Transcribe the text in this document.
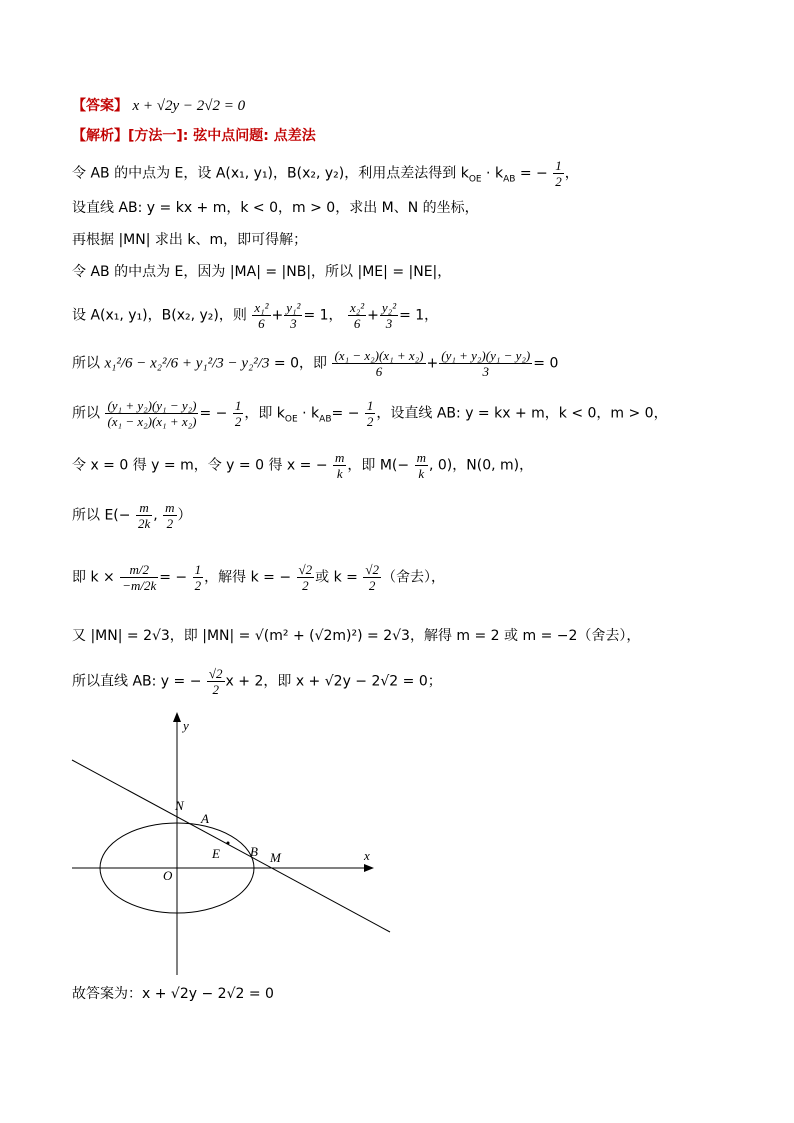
【答案】 x + √2y − 2√2 = 0
【解析】[方法一]: 弦中点问题: 点差法
令 AB 的中点为 E，设 A(x₁, y₁)，B(x₂, y₂)，利用点差法得到 $k_{OE} \cdot k_{AB}$ = − $\frac{1}{2}$ ，
设直线 AB: y = kx + m，k < 0，m > 0，求出 M、N 的坐标，
再根据 |MN| 求出 k、m，即可得解；
令 AB 的中点为 E，因为 |MA| = |NB|，所以 |ME| = |NE|，
设 A(x₁, y₁)，B(x₂, y₂)，则 $\frac{\text{x₁²}}{6} + \frac{\text{y₁²}}{3} = 1$， $\frac{\text{x₂²}}{6} + \frac{\text{y₂²}}{3} = 1$，
所以 x₁²/6 − x₂²/6 + y₁²/3 − y₂²/3 = 0，即 $\frac{\text{(x₁ − x₂)(x₁ + x₂)}}{6} + \frac{\text{(y₁ + y₂)(y₁ − y₂)}}{3} = 0$
所以 $\frac{\text{(y₁ + y₂)(y₁ − y₂)}}{\text{(x₁ − x₂)(x₁ + x₂)}}$ = − $\frac{1}{2}$ ，即 $k_{OE} \cdot k_{AB}= - \frac{1}{2}$ ，设直线 AB: y = kx + m，k < 0，m > 0，
令 x = 0 得 y = m，令 y = 0 得 x = − $\frac{m}{k}$ ，即 $M(- \frac{m}{k}$ , 0)，N(0, m)，
所以 $E(- \frac{m}{2k}$ , $\frac{m}{2}$ ）
即 $k \times \frac{m/2}{-m/2k}$ = − $\frac{1}{2}$ ，解得 k = − $\frac{√2}{2}$ 或 $k = \frac{√2}{2}$ （舍去），
又 |MN| = 2√3，即 |MN| = √(m² + (√2m)²) = 2√3，解得 m = 2 或 m = −2（舍去），
所以直线 AB: y = − $\frac{√2}{2}$ x + 2，即 x + √2y − 2√2 = 0；
y
x
O
N
A
E B M
故答案为：x + √2y − 2√2 = 0
